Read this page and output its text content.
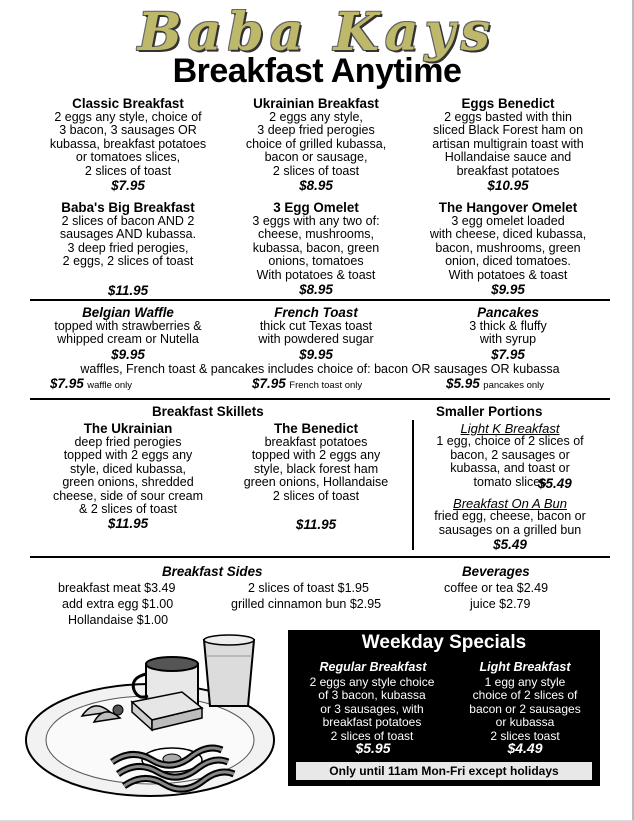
Baba Kays
Breakfast Anytime
Classic Breakfast
2 eggs any style, choice of
3 bacon, 3 sausages OR
kubassa, breakfast potatoes
or tomatoes slices,
2 slices of toast
$7.95
Ukrainian Breakfast
2 eggs any style,
3 deep fried perogies
choice of grilled kubassa,
bacon or sausage,
2 slices of toast
$8.95
Eggs Benedict
2 eggs basted with thin
sliced Black Forest ham on
artisan multigrain toast with
Hollandaise sauce and
breakfast potatoes
$10.95
Baba's Big Breakfast
2 slices of bacon AND 2
sausages AND kubassa.
3 deep fried perogies,
2 eggs, 2 slices of toast
$11.95
3 Egg Omelet
3 eggs with any two of:
cheese, mushrooms,
kubassa, bacon, green
onions, tomatoes
With potatoes & toast
$8.95
The Hangover Omelet
3 egg omelet loaded
with cheese, diced kubassa,
bacon, mushrooms, green
onion, diced tomatoes.
With potatoes & toast
$9.95
Belgian Waffle
topped with strawberries &
whipped cream or Nutella
$9.95
French Toast
thick cut Texas toast
with powdered sugar
$9.95
Pancakes
3 thick & fluffy
with syrup
$7.95
waffles, French toast & pancakes includes choice of: bacon OR sausages OR kubassa
$7.95 waffle only	$7.95 French toast only	$5.95 pancakes only
Breakfast Skillets
The Ukrainian
deep fried perogies
topped with 2 eggs any
style, diced kubassa,
green onions, shredded
cheese, side of sour cream
& 2 slices of toast
$11.95
The Benedict
breakfast potatoes
topped with 2 eggs any
style, black forest ham
green onions, Hollandaise
2 slices of toast
$11.95
Smaller Portions
Light K Breakfast
1 egg, choice of 2 slices of
bacon, 2 sausages or
kubassa, and toast or
tomato slices
$5.49
Breakfast On A Bun
fried egg, cheese, bacon or
sausages on a grilled bun
$5.49
Breakfast Sides
breakfast meat $3.49
add extra egg $1.00
Hollandaise $1.00
2 slices of toast $1.95
grilled cinnamon bun $2.95
Beverages
coffee or tea $2.49
juice $2.79
Weekday Specials
Regular Breakfast
2 eggs any style choice
of 3 bacon, kubassa
or 3 sausages, with
breakfast potatoes
2 slices of toast
$5.95
Light Breakfast
1 egg any style
choice of 2 slices of
bacon or 2 sausages
or kubassa
2 slices toast
$4.49
Only until 11am Mon-Fri except holidays
